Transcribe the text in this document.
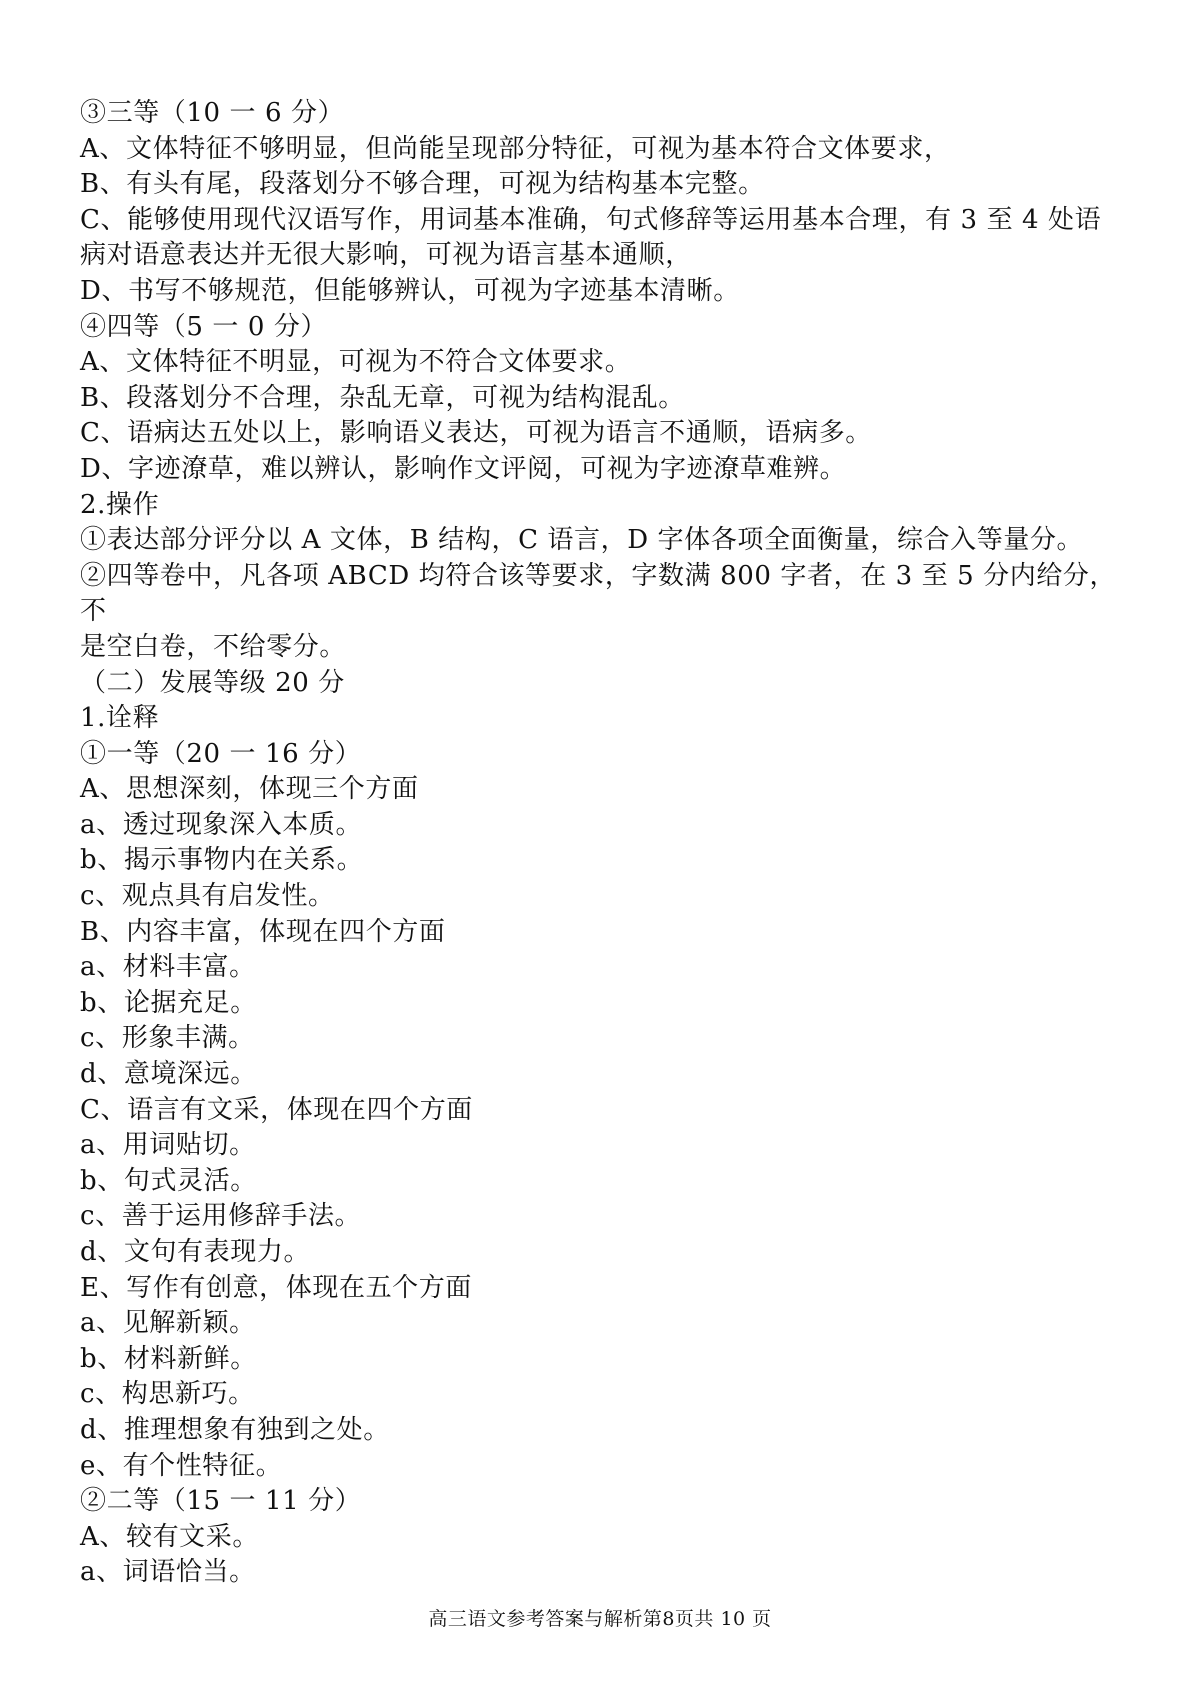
③三等（10 一 6 分）
A、文体特征不够明显，但尚能呈现部分特征，可视为基本符合文体要求，
B、有头有尾，段落划分不够合理，可视为结构基本完整。
C、能够使用现代汉语写作，用词基本准确，句式修辞等运用基本合理，有 3 至 4 处语
病对语意表达并无很大影响，可视为语言基本通顺，
D、书写不够规范，但能够辨认，可视为字迹基本清晰。
④四等（5 一 0 分）
A、文体特征不明显，可视为不符合文体要求。
B、段落划分不合理，杂乱无章，可视为结构混乱。
C、语病达五处以上，影响语义表达，可视为语言不通顺，语病多。
D、字迹潦草，难以辨认，影响作文评阅，可视为字迹潦草难辨。
2.操作
①表达部分评分以 A 文体，B 结构，C 语言，D 字体各项全面衡量，综合入等量分。
②四等卷中，凡各项 ABCD 均符合该等要求，字数满 800 字者，在 3 至 5 分内给分，不
是空白卷，不给零分。
（二）发展等级 20 分
1.诠释
①一等（20 一 16 分）
A、思想深刻，体现三个方面
a、透过现象深入本质。
b、揭示事物内在关系。
c、观点具有启发性。
B、内容丰富，体现在四个方面
a、材料丰富。
b、论据充足。
c、形象丰满。
d、意境深远。
C、语言有文采，体现在四个方面
a、用词贴切。
b、句式灵活。
c、善于运用修辞手法。
d、文句有表现力。
E、写作有创意，体现在五个方面
a、见解新颖。
b、材料新鲜。
c、构思新巧。
d、推理想象有独到之处。
e、有个性特征。
②二等（15 一 11 分）
A、较有文采。
a、词语恰当。
高三语文参考答案与解析第8页共 10 页
